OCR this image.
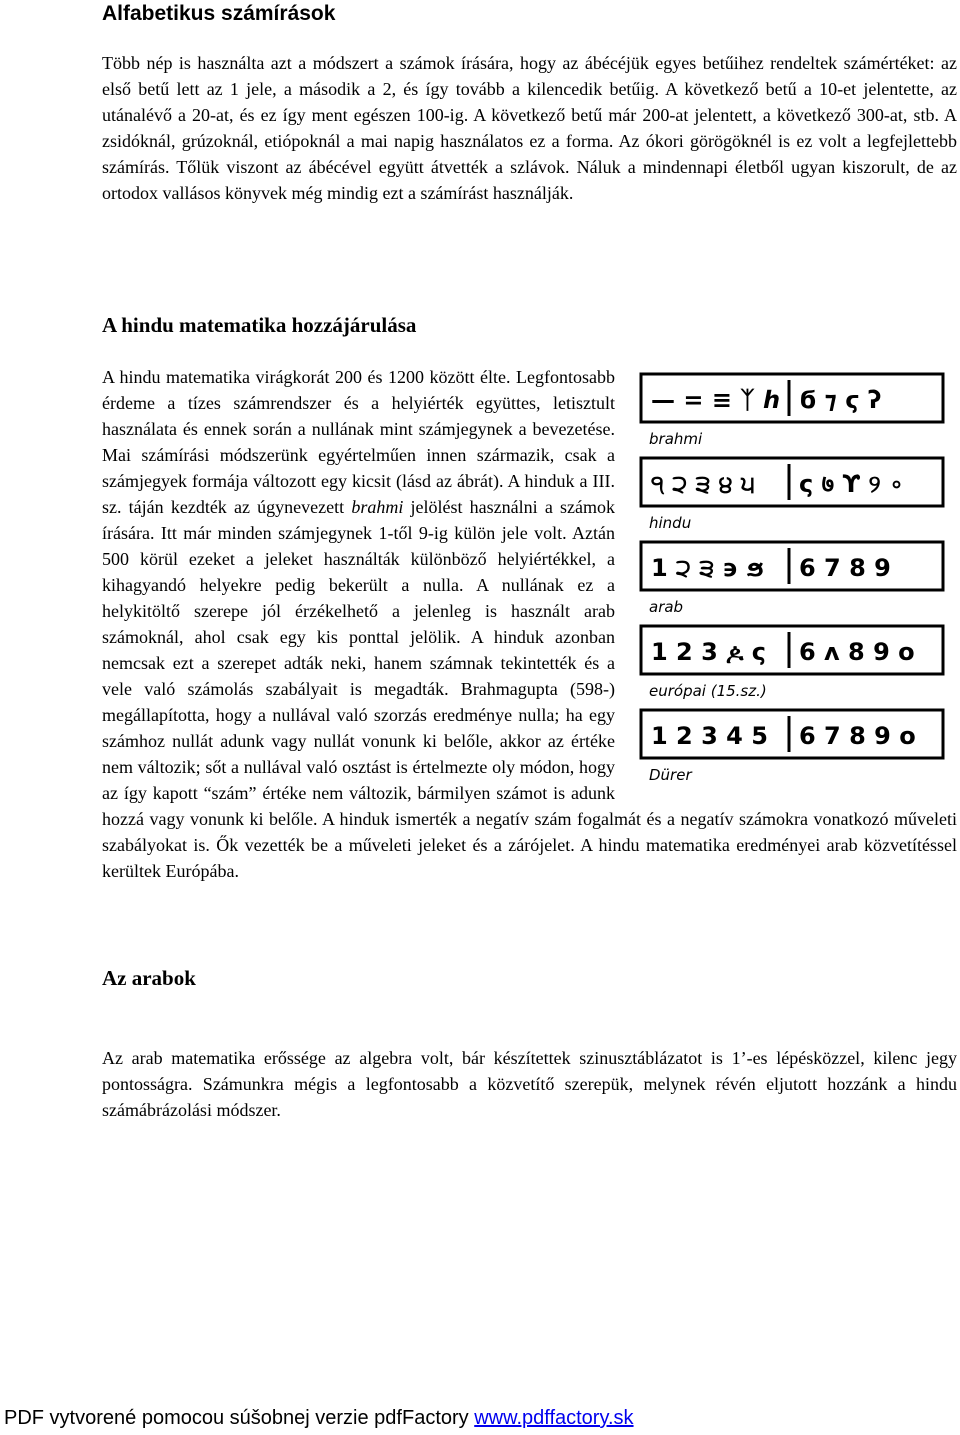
Alfabetikus számírások

Több nép is használta azt a módszert a számok írására, hogy az ábécéjük egyes betűihez rendeltek számértéket: az első betű lett az 1 jele, a második a 2, és így tovább a kilencedik betűig. A következő betű a 10-et jelentette, az utánalévő a 20-at, és ez így ment egészen 100-ig. A következő betű már 200-at jelentett, a következő 300-at, stb. A zsidóknál, grúzoknál, etiópoknál a mai napig használatos ez a forma. Az ókori görögöknél is ez volt a legfejlettebb számírás. Tőlük viszont az ábécével együtt átvették a szlávok. Náluk a mindennapi életből ugyan kiszorult, de az ortodox vallásos könyvek még mindig ezt a számírást használják.

A hindu matematika hozzájárulása
— = ≡ ᛉ ℎ ϭ ⁊ ϛ ʔ
brahmi
੧ ੨ ੩ ੪ ੫ ς ७ ϒ ୨ ∘
hindu
1 ੨ ੩ ϶ ϧ 6 7 8 9
arab
1 2 3 ዾ ς 6 ʌ 8 9 o
európai (15.sz.)
1 2 3 4 5 6 7 8 9 o
Dürer

A hindu matematika virágkorát 200 és 1200 között élte. Legfontosabb érdeme a tízes számrendszer és a helyiérték együttes, letisztult használata és ennek során a nullának mint számjegynek a bevezetése. Mai számírási módszerünk egyértelműen innen származik, csak a számjegyek formája változott egy kicsit (lásd az ábrát). A hinduk a III. sz. táján kezdték az úgynevezett brahmi jelölést használni a számok írására. Itt már minden számjegynek 1-től 9-ig külön jele volt. Aztán 500 körül ezeket a jeleket használták különböző helyiértékkel, a kihagyandó helyekre pedig bekerült a nulla. A nullának ez a helykitöltő szerepe jól érzékelhető a jelenleg is használt arab számoknál, ahol csak egy kis ponttal jelölik. A hinduk azonban nemcsak ezt a szerepet adták neki, hanem számnak tekintették és a vele való számolás szabályait is megadták. Brahmagupta (598-) megállapította, hogy a nullával való szorzás eredménye nulla; ha egy számhoz nullát adunk vagy nullát vonunk ki belőle, akkor az értéke nem változik; sőt a nullával való osztást is értelmezte oly módon, hogy az így kapott “szám” értéke nem változik, bármilyen számot is adunk hozzá vagy vonunk ki belőle. A hinduk ismerték a negatív szám fogalmát és a negatív számokra vonatkozó műveleti szabályokat is. Ők vezették be a műveleti jeleket és a zárójelet. A hindu matematika eredményei arab közvetítéssel kerültek Európába.

Az arabok

Az arab matematika erőssége az algebra volt, bár készítettek szinusztáblázatot is 1’-es lépésközzel, kilenc jegy pontosságra. Számunkra mégis a legfontosabb a közvetítő szerepük, melynek révén eljutott hozzánk a hindu számábrázolási módszer.

PDF vytvorené pomocou súšobnej verzie pdfFactory www.pdffactory.sk
